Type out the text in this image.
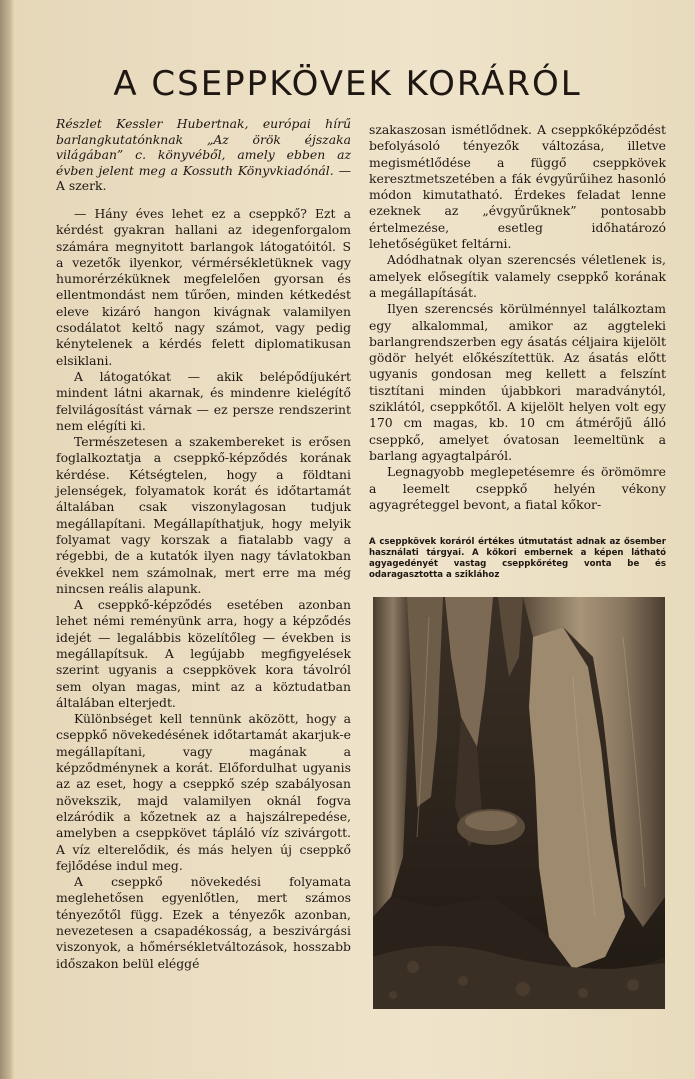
A CSEPPKÖVEK KORÁRÓL

Részlet Kessler Hubertnak, európai hírű barlangkutatónknak „Az örök éjszaka világában” c. könyvéből, amely ebben az évben jelent meg a Kossuth Könyvkiadónál. — A szerk.

— Hány éves lehet ez a cseppkő? Ezt a kérdést gyakran hallani az idegenforgalom számára megnyitott barlangok látogatóitól. S a vezetők ilyenkor, vérmérsékletüknek vagy humorérzéküknek megfelelően gyorsan és ellentmondást nem tűrően, minden kétkedést eleve kizáró hangon kivágnak valamilyen csodálatot keltő nagy számot, vagy pedig kénytelenek a kérdés felett diplomatikusan elsiklani.

A látogatókat — akik belépődíjukért mindent látni akarnak, és mindenre kielégítő felvilágosítást várnak — ez persze rendszerint nem elégíti ki.

Természetesen a szakembereket is erősen foglalkoztatja a cseppkő-képződés korának kérdése. Kétségtelen, hogy a földtani jelenségek, folyamatok korát és időtartamát általában csak viszonylagosan tudjuk megállapítani. Megállapíthatjuk, hogy melyik folyamat vagy korszak a fiatalabb vagy a régebbi, de a kutatók ilyen nagy távlatokban évekkel nem számolnak, mert erre ma még nincsen reális alapunk.

A cseppkő-képződés esetében azonban lehet némi reményünk arra, hogy a képződés idejét — legalábbis közelítőleg — években is megállapítsuk. A legújabb megfigyelések szerint ugyanis a cseppkövek kora távolról sem olyan magas, mint az a köztudatban általában elterjedt.

Különbséget kell tennünk aközött, hogy a cseppkő növekedésének időtartamát akarjuk-e megállapítani, vagy magának a képződménynek a korát. Előfordulhat ugyanis az az eset, hogy a cseppkő szép szabályosan növekszik, majd valamilyen oknál fogva elzáródik a kőzetnek az a hajszálrepedése, amelyben a cseppkövet tápláló víz szivárgott. A víz elterelődik, és más helyen új cseppkő fejlődése indul meg.

A cseppkő növekedési folyamata meglehetősen egyenlőtlen, mert számos tényezőtől függ. Ezek a tényezők azonban, nevezetesen a csapadékosság, a beszivárgási viszonyok, a hőmérsékletváltozások, hosszabb időszakon belül eléggé

szakaszosan ismétlődnek. A cseppkőképződést befolyásoló tényezők változása, illetve megismétlődése a függő cseppkövek keresztmetszetében a fák évgyűrűihez hasonló módon kimutatható. Érdekes feladat lenne ezeknek az „évgyűrűknek” pontosabb értelmezése, esetleg időhatározó lehetőségüket feltárni.

Adódhatnak olyan szerencsés véletlenek is, amelyek elősegítik valamely cseppkő korának a megállapítását.

Ilyen szerencsés körülménnyel találkoztam egy alkalommal, amikor az aggteleki barlangrendszerben egy ásatás céljaira kijelölt gödör helyét előkészítettük. Az ásatás előtt ugyanis gondosan meg kellett a felszínt tisztítani minden újabbkori maradványtól, sziklától, cseppkőtől. A kijelölt helyen volt egy 170 cm magas, kb. 10 cm átmérőjű álló cseppkő, amelyet óvatosan leemeltünk a barlang agyagtalpáról.

Legnagyobb meglepetésemre és örömömre a leemelt cseppkő helyén vékony agyagréteggel bevont, a fiatal kőkor-

A cseppkövek koráról értékes útmutatást adnak az ősember használati tárgyai. A kőkori embernek a képen látható agyagedényét vastag cseppkőréteg vonta be és odaragasztotta a sziklához
